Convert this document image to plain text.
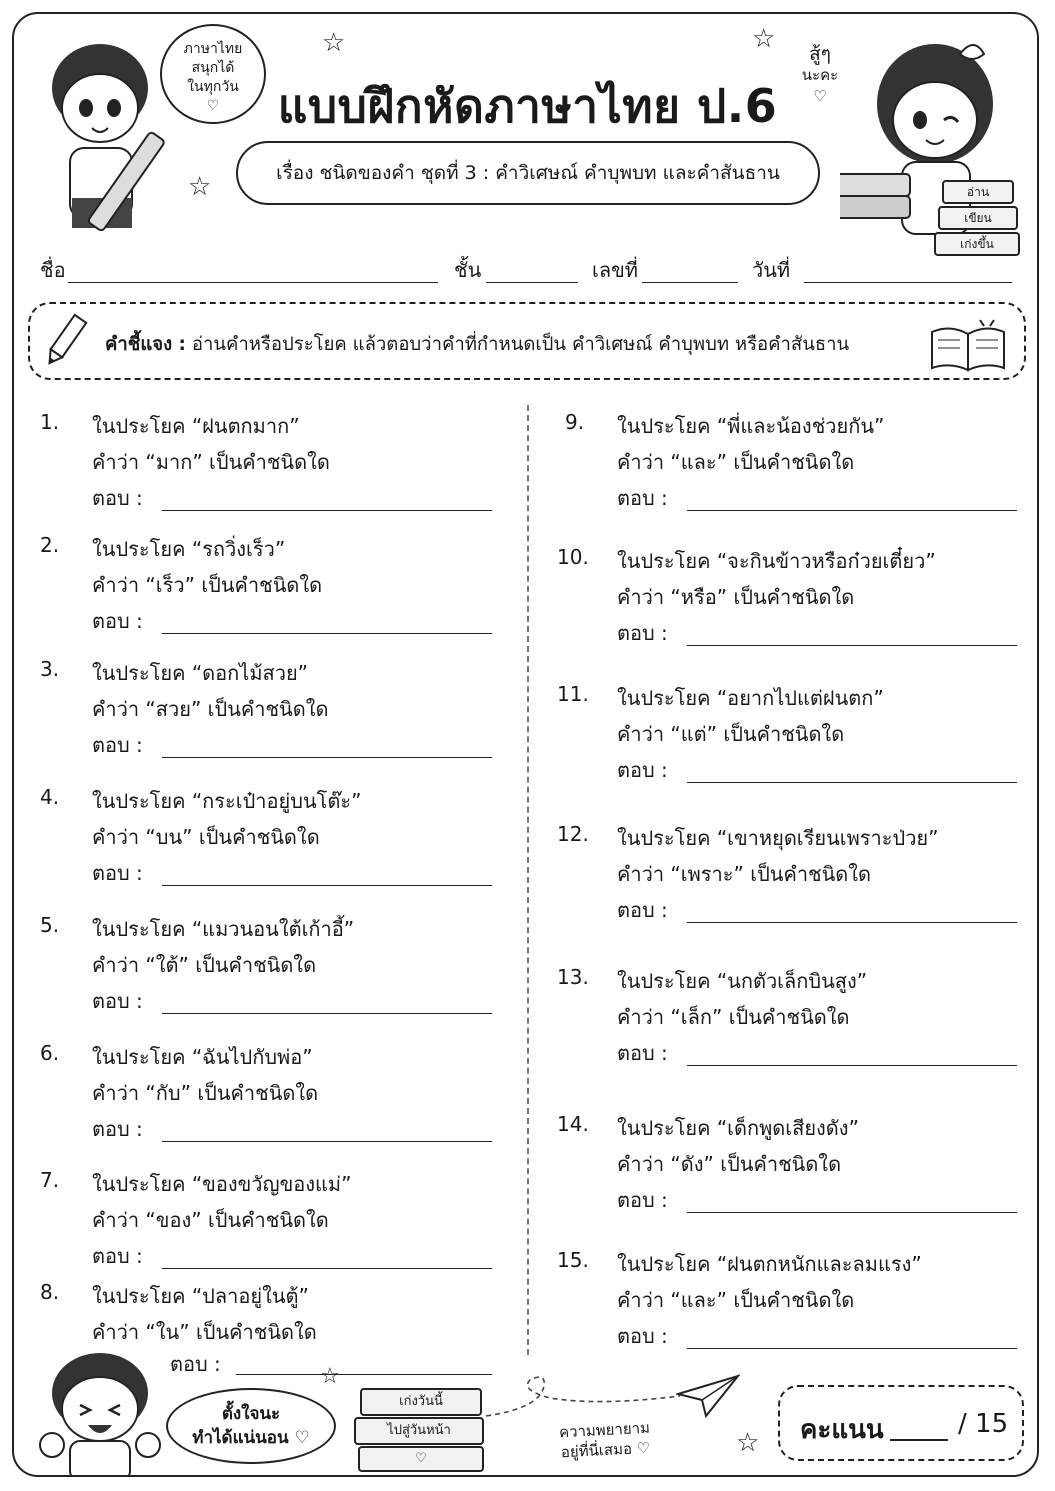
ภาษาไทย
สนุกได้
ในทุกวัน
♡
สู้ๆ
นะคะ
♡
อ่าน
เขียน
เก่งขึ้น
☆	☆
☆
แบบฝึกหัดภาษาไทย ป.6
เรื่อง ชนิดของคำ ชุดที่ 3 : คำวิเศษณ์ คำบุพบท และคำสันธาน
ชื่อ	ชั้น	เลขที่	วันที่
คำชี้แจง : อ่านคำหรือประโยค แล้วตอบว่าคำที่กำหนดเป็น คำวิเศษณ์ คำบุพบท หรือคำสันธาน
1. ในประโยค “ฝนตกมาก”
คำว่า “มาก” เป็นคำชนิดใด
ตอบ :
2. ในประโยค “รถวิ่งเร็ว”
คำว่า “เร็ว” เป็นคำชนิดใด
ตอบ :
3. ในประโยค “ดอกไม้สวย”
คำว่า “สวย” เป็นคำชนิดใด
ตอบ :
4. ในประโยค “กระเป๋าอยู่บนโต๊ะ”
คำว่า “บน” เป็นคำชนิดใด
ตอบ :
5. ในประโยค “แมวนอนใต้เก้าอี้”
คำว่า “ใต้” เป็นคำชนิดใด
ตอบ :
6. ในประโยค “ฉันไปกับพ่อ”
คำว่า “กับ” เป็นคำชนิดใด
ตอบ :
7. ในประโยค “ของขวัญของแม่”
คำว่า “ของ” เป็นคำชนิดใด
ตอบ :
8. ในประโยค “ปลาอยู่ในตู้”
คำว่า “ใน” เป็นคำชนิดใด
ตอบ :
9. ในประโยค “พี่และน้องช่วยกัน”
คำว่า “และ” เป็นคำชนิดใด
ตอบ :
10. ในประโยค “จะกินข้าวหรือก๋วยเตี๋ยว”
คำว่า “หรือ” เป็นคำชนิดใด
ตอบ :
11. ในประโยค “อยากไปแต่ฝนตก”
คำว่า “แต่” เป็นคำชนิดใด
ตอบ :
12. ในประโยค “เขาหยุดเรียนเพราะป่วย”
คำว่า “เพราะ” เป็นคำชนิดใด
ตอบ :
13. ในประโยค “นกตัวเล็กบินสูง”
คำว่า “เล็ก” เป็นคำชนิดใด
ตอบ :
14. ในประโยค “เด็กพูดเสียงดัง”
คำว่า “ดัง” เป็นคำชนิดใด
ตอบ :
15. ในประโยค “ฝนตกหนักและลมแรง”
คำว่า “และ” เป็นคำชนิดใด
ตอบ :
ตั้งใจนะ
ทำได้แน่นอน ♡
☆
เก่งวันนี้
ไปสู่วันหน้า
♡
ความพยายาม
อยู่ที่นี่เสมอ ♡	☆ คะแนน	/ 15
